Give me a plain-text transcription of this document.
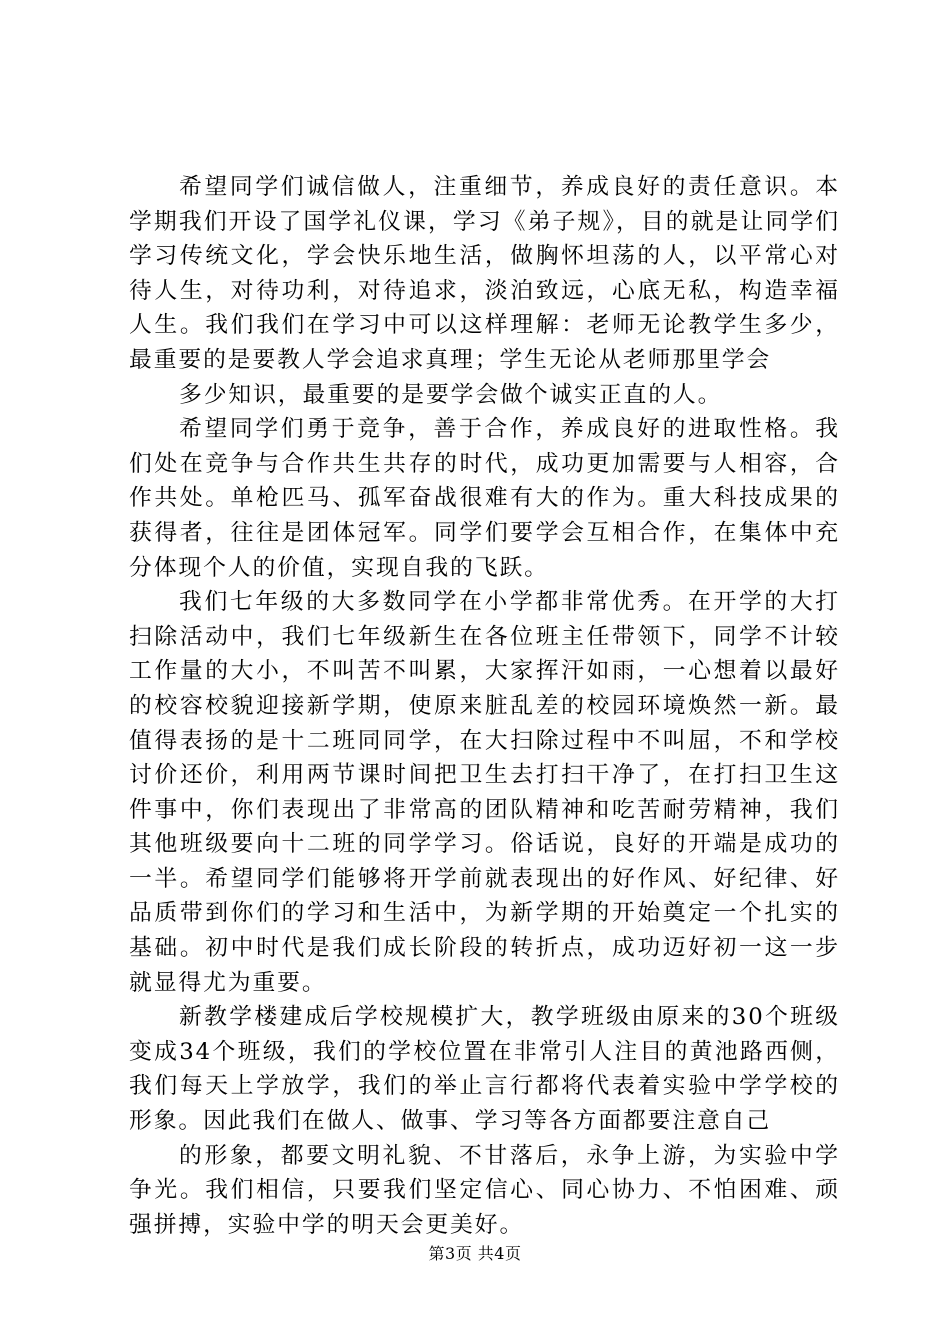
希望同学们诚信做人，注重细节，养成良好的责任意识。本学期我们开设了国学礼仪课，学习《弟子规》，目的就是让同学们学习传统文化，学会快乐地生活，做胸怀坦荡的人，以平常心对待人生，对待功利，对待追求，淡泊致远，心底无私，构造幸福人生。我们我们在学习中可以这样理解：老师无论教学生多少，最重要的是要教人学会追求真理；学生无论从老师那里学会

多少知识，最重要的是要学会做个诚实正直的人。

希望同学们勇于竞争，善于合作，养成良好的进取性格。我们处在竞争与合作共生共存的时代，成功更加需要与人相容，合作共处。单枪匹马、孤军奋战很难有大的作为。重大科技成果的获得者，往往是团体冠军。同学们要学会互相合作，在集体中充分体现个人的价值，实现自我的飞跃。

我们七年级的大多数同学在小学都非常优秀。在开学的大打扫除活动中，我们七年级新生在各位班主任带领下，同学不计较工作量的大小，不叫苦不叫累，大家挥汗如雨，一心想着以最好的校容校貌迎接新学期，使原来脏乱差的校园环境焕然一新。最值得表扬的是十二班同同学，在大扫除过程中不叫屈，不和学校讨价还价，利用两节课时间把卫生去打扫干净了，在打扫卫生这件事中，你们表现出了非常高的团队精神和吃苦耐劳精神，我们其他班级要向十二班的同学学习。俗话说，良好的开端是成功的一半。希望同学们能够将开学前就表现出的好作风、好纪律、好品质带到你们的学习和生活中，为新学期的开始奠定一个扎实的基础。初中时代是我们成长阶段的转折点，成功迈好初一这一步就显得尤为重要。

新教学楼建成后学校规模扩大，教学班级由原来的30个班级变成34个班级，我们的学校位置在非常引人注目的黄池路西侧，我们每天上学放学，我们的举止言行都将代表着实验中学学校的形象。因此我们在做人、做事、学习等各方面都要注意自己

的形象，都要文明礼貌、不甘落后，永争上游，为实验中学争光。我们相信，只要我们坚定信心、同心协力、不怕困难、顽强拼搏，实验中学的明天会更美好。

第3页 共4页
